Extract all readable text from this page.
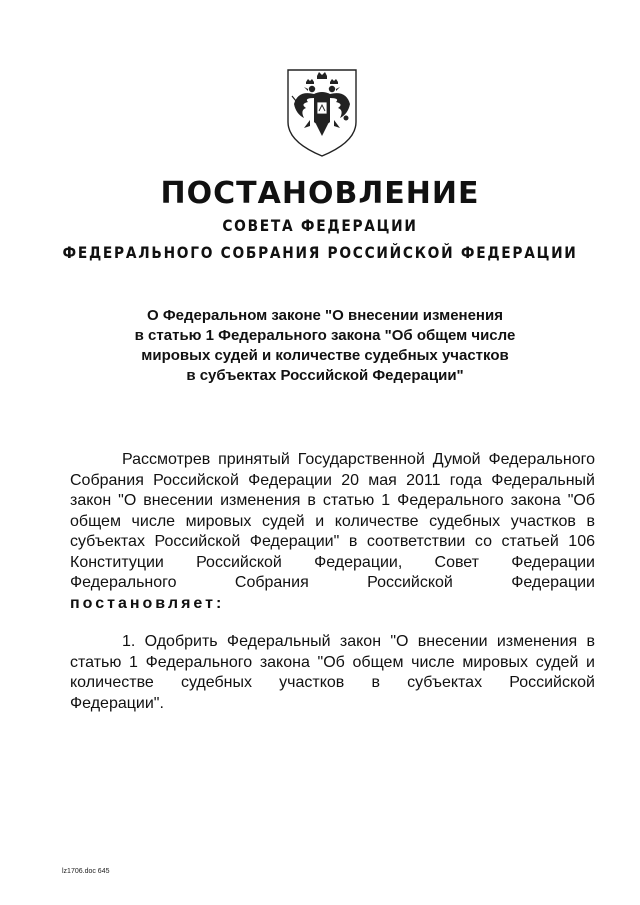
ПОСТАНОВЛЕНИЕ
СОВЕТА ФЕДЕРАЦИИ
ФЕДЕРАЛЬНОГО СОБРАНИЯ РОССИЙСКОЙ ФЕДЕРАЦИИ
О Федеральном законе "О внесении изменения
в статью 1 Федерального закона "Об общем числе
мировых судей и количестве судебных участков
в субъектах Российской Федерации"
Рассмотрев принятый Государственной Думой Федерального
Собрания Российской Федерации 20 мая 2011 года Федеральный
закон "О внесении изменения в статью 1 Федерального закона "Об
общем числе мировых судей и количестве судебных участков в
субъектах Российской Федерации" в соответствии со статьей 106
Конституции Российской Федерации, Совет Федерации
Федерального Собрания Российской Федерации
постановляет:
1. Одобрить Федеральный закон "О внесении изменения в
статью 1 Федерального закона "Об общем числе мировых судей и
количестве судебных участков в субъектах Российской
Федерации".
lz1706.doc 645
